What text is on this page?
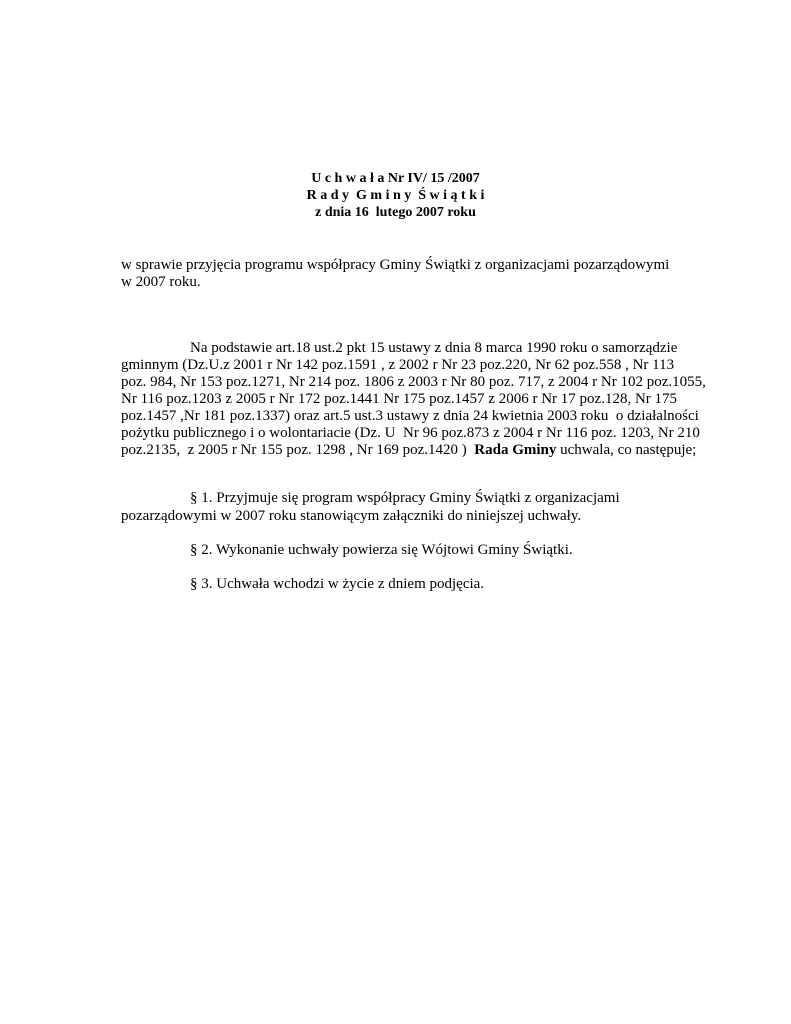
U c h w a ł a Nr IV/ 15 /2007
R a d y  G m i n y  Ś w i ą t k i
z dnia 16  lutego 2007 roku
w sprawie przyjęcia programu współpracy Gminy Świątki z organizacjami pozarządowymi
w 2007 roku.
Na podstawie art.18 ust.2 pkt 15 ustawy z dnia 8 marca 1990 roku o samorządzie
gminnym (Dz.U.z 2001 r Nr 142 poz.1591 , z 2002 r Nr 23 poz.220, Nr 62 poz.558 , Nr 113
poz. 984, Nr 153 poz.1271, Nr 214 poz. 1806 z 2003 r Nr 80 poz. 717, z 2004 r Nr 102 poz.1055,
Nr 116 poz.1203 z 2005 r Nr 172 poz.1441 Nr 175 poz.1457 z 2006 r Nr 17 poz.128, Nr 175
poz.1457 ,Nr 181 poz.1337) oraz art.5 ust.3 ustawy z dnia 24 kwietnia 2003 roku  o działalności
pożytku publicznego i o wolontariacie (Dz. U  Nr 96 poz.873 z 2004 r Nr 116 poz. 1203, Nr 210
poz.2135,  z 2005 r Nr 155 poz. 1298 , Nr 169 poz.1420 )  Rada Gminy uchwala, co następuje;
§ 1. Przyjmuje się program współpracy Gminy Świątki z organizacjami
pozarządowymi w 2007 roku stanowiącym załączniki do niniejszej uchwały.
§ 2. Wykonanie uchwały powierza się Wójtowi Gminy Świątki.
§ 3. Uchwała wchodzi w życie z dniem podjęcia.
